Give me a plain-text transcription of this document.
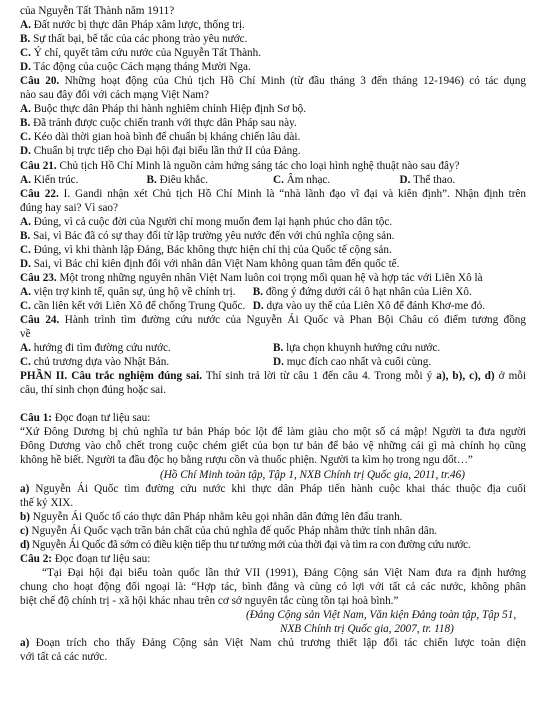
của Nguyễn Tất Thành năm 1911?
A. Đất nước bị thực dân Pháp xâm lược, thống trị.
B. Sự thất bại, bế tắc của các phong trào yêu nước.
C. Ý chí, quyết tâm cứu nước của Nguyễn Tất Thành.
D. Tác động của cuộc Cách mạng tháng Mười Nga.
Câu 20. Những hoạt động của Chủ tịch Hồ Chí Minh (từ đầu tháng 3 đến tháng 12-1946) có tác dụng
nào sau đây đối với cách mạng Việt Nam?
A. Buộc thực dân Pháp thi hành nghiêm chỉnh Hiệp định Sơ bộ.
B. Đã tránh được cuộc chiến tranh với thực dân Pháp sau này.
C. Kéo dài thời gian hoà bình để chuẩn bị kháng chiến lâu dài.
D. Chuẩn bị trực tiếp cho Đại hội đại biểu lần thứ II của Đảng.
Câu 21. Chủ tịch Hồ Chí Minh là nguồn cảm hứng sáng tác cho loại hình nghệ thuật nào sau đây?
A. Kiến trúc.	B. Điêu khắc.	C. Âm nhạc.	D. Thể thao.
Câu 22. I. Gandi nhận xét Chủ tịch Hồ Chí Minh là “nhà lãnh đạo vĩ đại và kiên định”. Nhận định trên
đúng hay sai? Vì sao?
A. Đúng, vì cả cuộc đời của Người chỉ mong muốn đem lại hạnh phúc cho dân tộc.
B. Sai, vì Bác đã có sự thay đổi từ lập trường yêu nước đến với chủ nghĩa cộng sản.
C. Đúng, vì khi thành lập Đảng, Bác không thực hiện chỉ thị của Quốc tế cộng sản.
D. Sai, vì Bác chỉ kiên định đối với nhân dân Việt Nam không quan tâm đến quốc tế.
Câu 23. Một trong những nguyên nhân Việt Nam luôn coi trọng mối quan hệ và hợp tác với Liên Xô là
A. viện trợ kinh tế, quân sự, ủng hộ về chính trị.	B. đồng ý đứng dưới cái ô hạt nhân của Liên Xô.
C. cần liên kết với Liên Xô để chống Trung Quốc. D. dựa vào uy thế của Liên Xô để đánh Khơ-me đỏ.
Câu 24. Hành trình tìm đường cứu nước của Nguyễn Ái Quốc và Phan Bội Châu có điểm tương đồng
về
A. hướng đi tìm đường cứu nước.	B. lựa chọn khuynh hướng cứu nước.
C. chủ trương dựa vào Nhật Bản.	D. mục đích cao nhất và cuối cùng.
PHẦN II. Câu trắc nghiệm đúng sai. Thí sinh trả lời từ câu 1 đến câu 4. Trong mỗi ý a), b), c), d) ở mỗi
câu, thí sinh chọn đúng hoặc sai.
Câu 1: Đọc đoạn tư liệu sau:
“Xứ Đông Dương bị chủ nghĩa tư bản Pháp bóc lột để làm giàu cho một số cá mập! Người ta đưa người
Đông Dương vào chỗ chết trong cuộc chém giết của bọn tư bản để bảo vệ những cái gì mà chính họ cũng
không hề biết. Người ta đầu độc họ bằng rượu cồn và thuốc phiện. Người ta kìm họ trong ngu dốt…”
(Hồ Chí Minh toàn tập, Tập 1, NXB Chính trị Quốc gia, 2011, tr.46)
a) Nguyễn Ái Quốc tìm đường cứu nước khi thực dân Pháp tiến hành cuộc khai thác thuộc địa cuối
thế kỷ XIX.
b) Nguyễn Ái Quốc tố cáo thực dân Pháp nhằm kêu gọi nhân dân đứng lên đấu tranh.
c) Nguyễn Ái Quốc vạch trần bản chất của chủ nghĩa đế quốc Pháp nhằm thức tỉnh nhân dân.
d) Nguyễn Ái Quốc đã sớm có điều kiện tiếp thu tư tưởng mới của thời đại và tìm ra con đường cứu nước.
Câu 2: Đọc đoạn tư liệu sau:
“Tại Đại hội đại biểu toàn quốc lần thứ VII (1991), Đảng Cộng sản Việt Nam đưa ra định hướng
chung cho hoạt động đối ngoại là: “Hợp tác, bình đẳng và cùng có lợi với tất cả các nước, không phân
biệt chế độ chính trị - xã hội khác nhau trên cơ sở nguyên tắc cùng tồn tại hoà bình.”
(Đảng Cộng sản Việt Nam, Văn kiện Đảng toàn tập, Tập 51,
NXB Chính trị Quốc gia, 2007, tr. 118)
a) Đoạn trích cho thấy Đảng Cộng sản Việt Nam chủ trương thiết lập đối tác chiến lược toàn diện
với tất cả các nước.
